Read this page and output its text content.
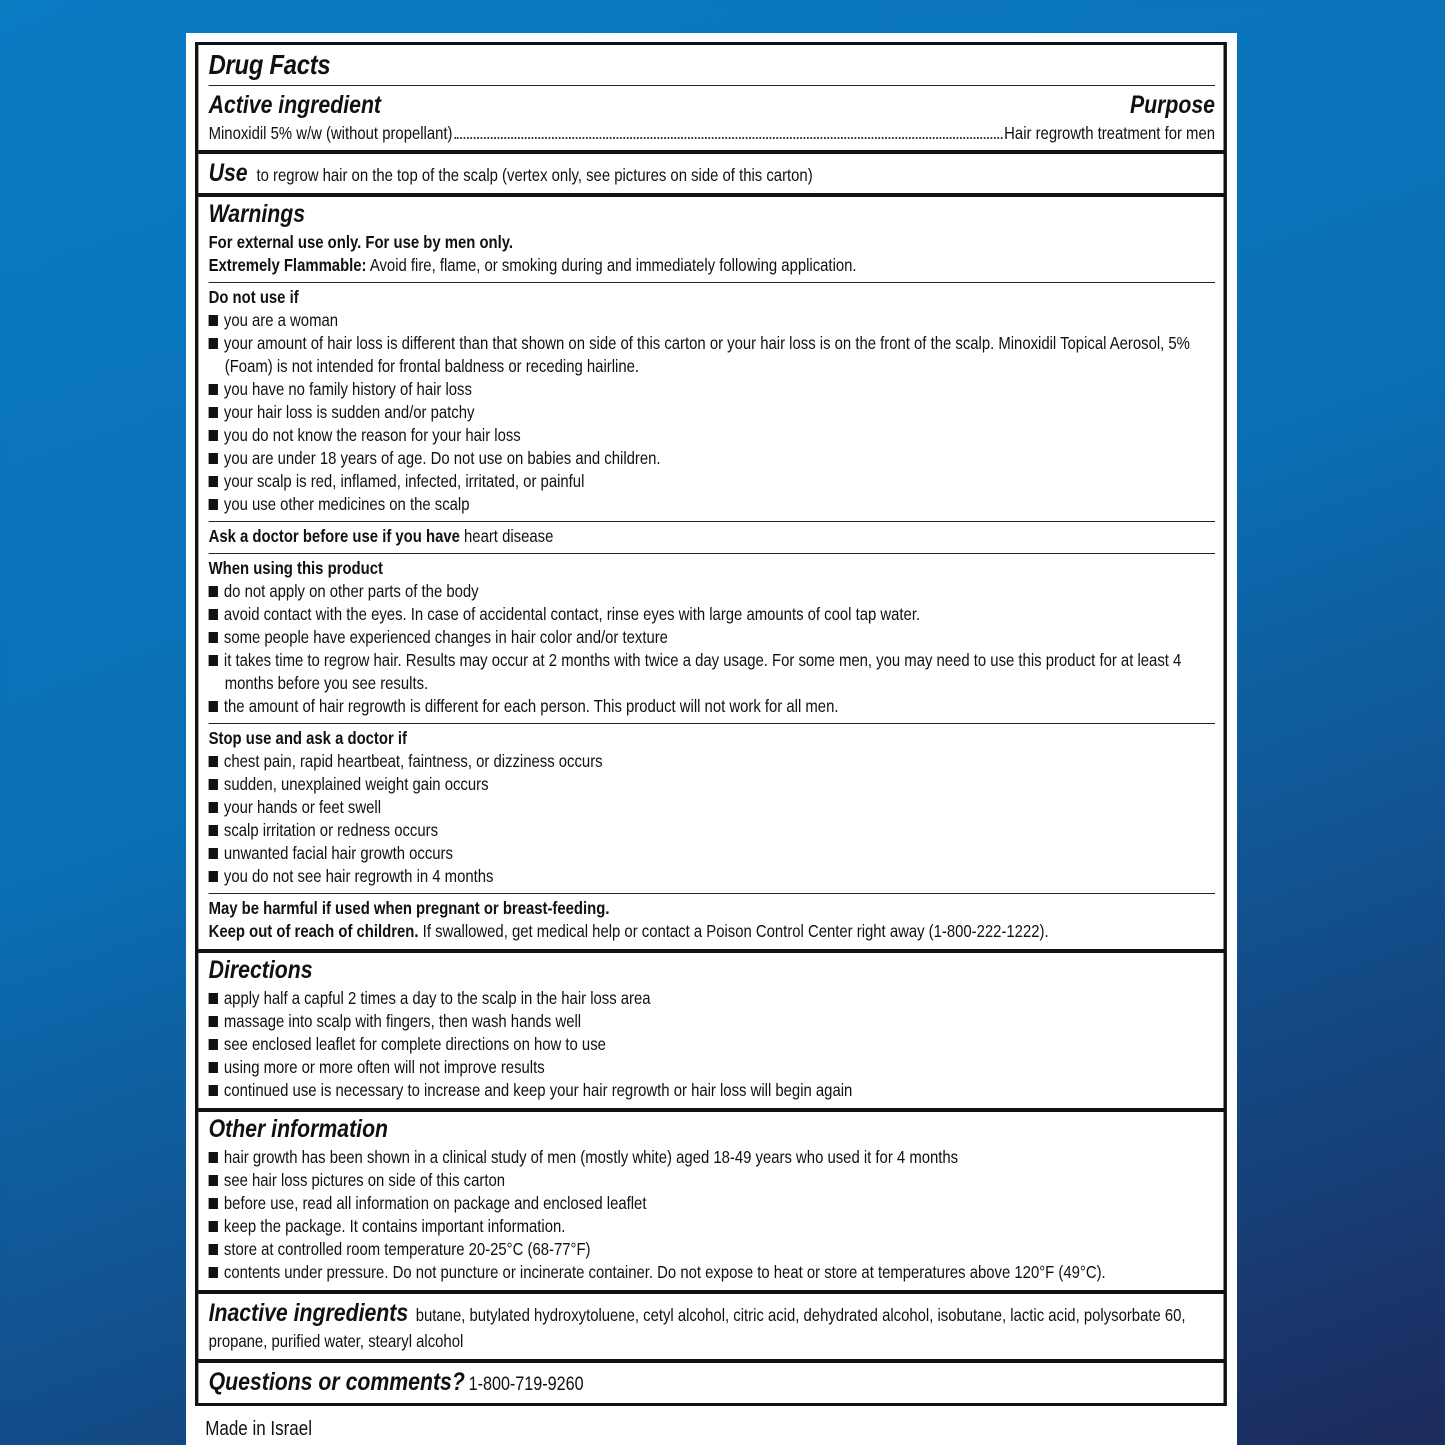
Drug Facts
Active ingredient	Purpose
Minoxidil 5% w/w (without propellant)	Hair regrowth treatment for men
Use to regrow hair on the top of the scalp (vertex only, see pictures on side of this carton)
Warnings
For external use only. For use by men only.
Extremely Flammable: Avoid fire, flame, or smoking during and immediately following application.
Do not use if
you are a woman
your amount of hair loss is different than that shown on side of this carton or your hair loss is on the front of the scalp. Minoxidil Topical Aerosol, 5% (Foam) is not intended for frontal baldness or receding hairline.
you have no family history of hair loss
your hair loss is sudden and/or patchy
you do not know the reason for your hair loss
you are under 18 years of age. Do not use on babies and children.
your scalp is red, inflamed, infected, irritated, or painful
you use other medicines on the scalp
Ask a doctor before use if you have heart disease
When using this product
do not apply on other parts of the body
avoid contact with the eyes. In case of accidental contact, rinse eyes with large amounts of cool tap water.
some people have experienced changes in hair color and/or texture
it takes time to regrow hair. Results may occur at 2 months with twice a day usage. For some men, you may need to use this product for at least 4 months before you see results.
the amount of hair regrowth is different for each person. This product will not work for all men.
Stop use and ask a doctor if
chest pain, rapid heartbeat, faintness, or dizziness occurs
sudden, unexplained weight gain occurs
your hands or feet swell
scalp irritation or redness occurs
unwanted facial hair growth occurs
you do not see hair regrowth in 4 months
May be harmful if used when pregnant or breast-feeding.
Keep out of reach of children. If swallowed, get medical help or contact a Poison Control Center right away (1-800-222-1222).
Directions
apply half a capful 2 times a day to the scalp in the hair loss area
massage into scalp with fingers, then wash hands well
see enclosed leaflet for complete directions on how to use
using more or more often will not improve results
continued use is necessary to increase and keep your hair regrowth or hair loss will begin again
Other information
hair growth has been shown in a clinical study of men (mostly white) aged 18-49 years who used it for 4 months
see hair loss pictures on side of this carton
before use, read all information on package and enclosed leaflet
keep the package. It contains important information.
store at controlled room temperature 20-25°C (68-77°F)
contents under pressure. Do not puncture or incinerate container. Do not expose to heat or store at temperatures above 120°F (49°C).
Inactive ingredients butane, butylated hydroxytoluene, cetyl alcohol, citric acid, dehydrated alcohol, isobutane, lactic acid, polysorbate 60, propane, purified water, stearyl alcohol
Questions or comments? 1-800-719-9260
Made in Israel
